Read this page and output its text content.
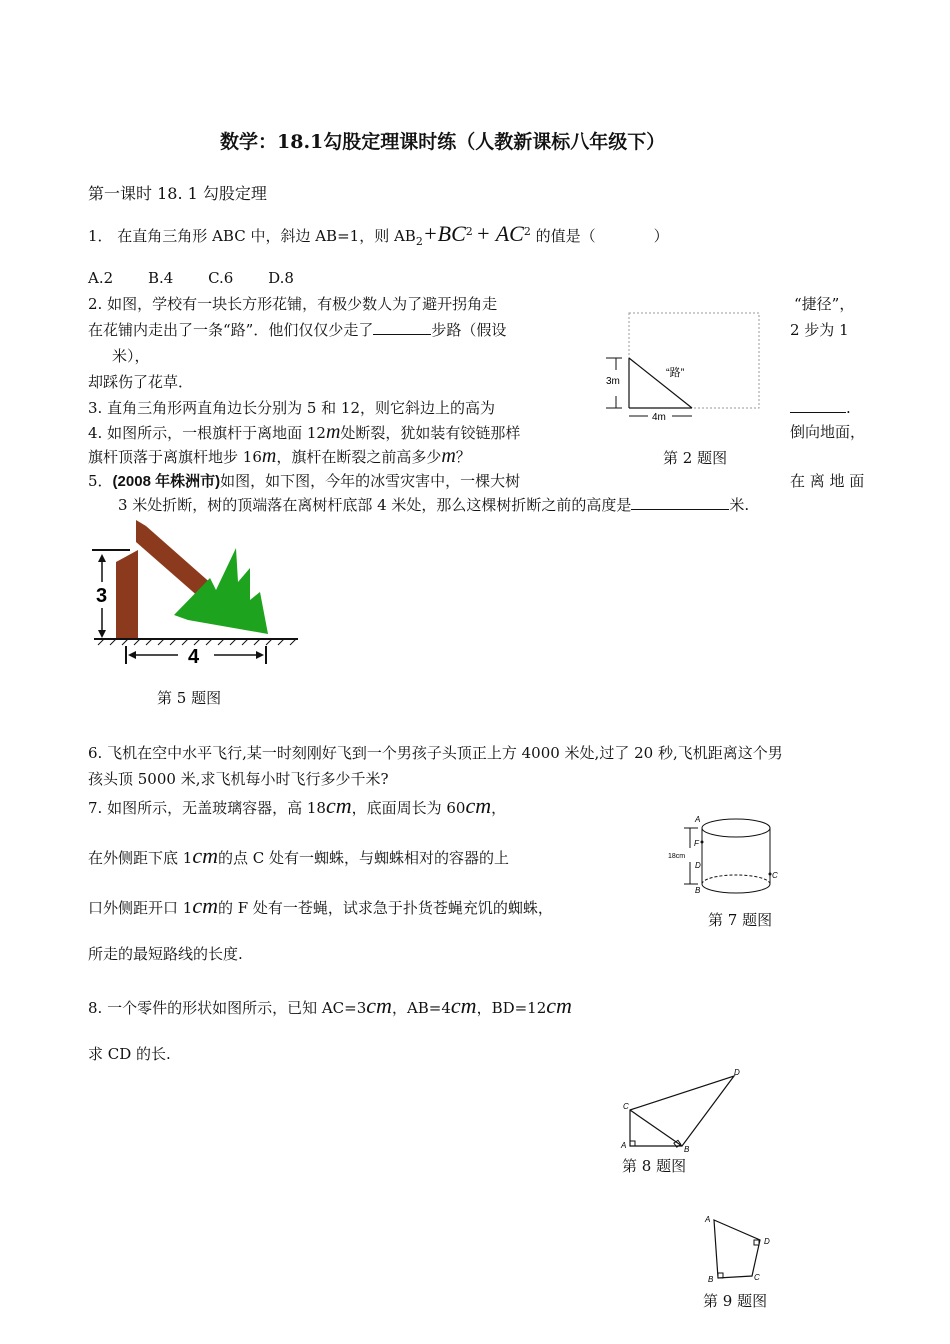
数学：18.1勾股定理课时练（人教新课标八年级下）
第一课时 18. 1 勾股定理
1． 在直角三角形 ABC 中，斜边 AB=1，则 $AB_2+BC^2 + AC^2$ 的值是（	）
A.2 B.4 C.6 D.8
2. 如图，学校有一块长方形花铺，有极少数人为了避开拐角走	“捷径”，
在花铺内走出了一条“路”．他们仅仅少走了	步路（假设	2 步为 1
米），
却踩伤了花草．	3m
“路”
4m
3. 直角三角形两直角边长分别为 5 和 12，则它斜边上的高为	.
4. 如图所示，一根旗杆于离地面 12m处断裂，犹如装有铰链那样	倒向地面，
旗杆顶落于离旗杆地步 16m，旗杆在断裂之前高多少m？	第 2 题图
5．(2008 年株洲市)如图，如下图，今年的冰雪灾害中，一棵大树	在 离 地 面
3 米处折断，树的顶端落在离树杆底部 4 米处，那么这棵树折断之前的高度是	米.
3
4
第 5 题图
6. 飞机在空中水平飞行,某一时刻刚好飞到一个男孩子头顶正上方 4000 米处,过了 20 秒,飞机距离这个男
孩头顶 5000 米,求飞机每小时飞行多少千米?
7. 如图所示，无盖玻璃容器，高 18cm，底面周长为 60cm，
在外侧距下底 1cm的点 C 处有一蜘蛛，与蜘蛛相对的容器的上
口外侧距开口 1cm的 F 处有一苍蝇，试求急于扑货苍蝇充饥的蜘蛛，
所走的最短路线的长度.
18cm
A
B
C
D
F
第 7 题图
8. 一个零件的形状如图所示，已知 AC=3cm，AB=4cm，BD=12cm
求 CD 的长.
A	B
C
D
第 8 题图
A
B	C
D
第 9 题图
